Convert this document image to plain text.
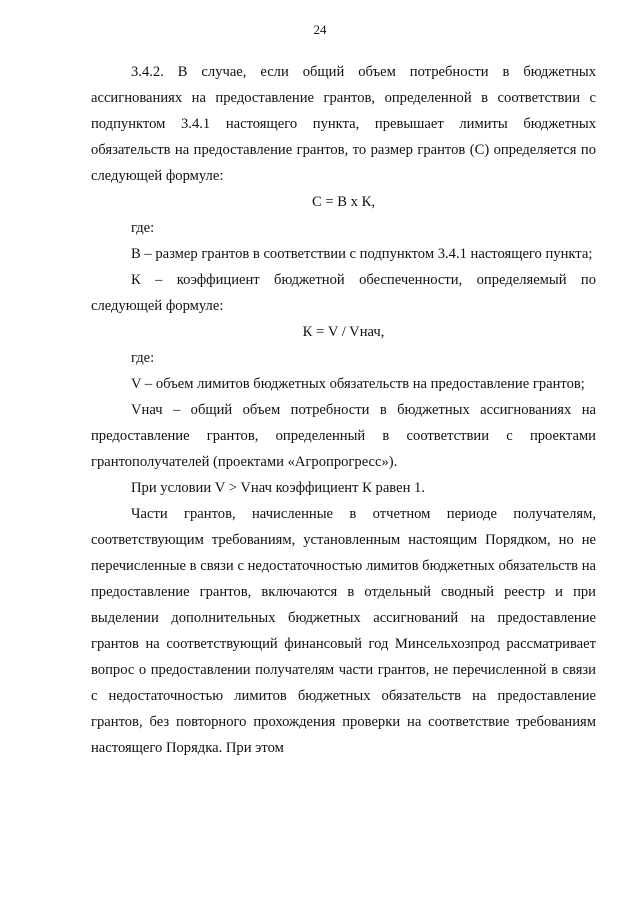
24

3.4.2. В случае, если общий объем потребности в бюджетных ассигнованиях на предоставление грантов, определенной в соответствии с подпунктом 3.4.1 настоящего пункта, превышает лимиты бюджетных обязательств на предоставление грантов, то размер грантов (С) определяется по следующей формуле:

С = В х К,

где:

В – размер грантов в соответствии с подпунктом 3.4.1 настоящего пункта;

К – коэффициент бюджетной обеспеченности, определяемый по следующей формуле:

К = V / Vнач,

где:

V – объем лимитов бюджетных обязательств на предоставление грантов;

Vнач – общий объем потребности в бюджетных ассигнованиях на предоставление грантов, определенный в соответствии с проектами грантополучателей (проектами «Агропрогресс»).

При условии V > Vнач коэффициент К равен 1.

Части грантов, начисленные в отчетном периоде получателям, соответствующим требованиям, установленным настоящим Порядком, но не перечисленные в связи с недостаточностью лимитов бюджетных обязательств на предоставление грантов, включаются в отдельный сводный реестр и при выделении дополнительных бюджетных ассигнований на предоставление грантов на соответствующий финансовый год Минсельхозпрод рассматривает вопрос о предоставлении получателям части грантов, не перечисленной в связи с недостаточностью лимитов бюджетных обязательств на предоставление грантов, без повторного прохождения проверки на соответствие требованиям настоящего Порядка. При этом
